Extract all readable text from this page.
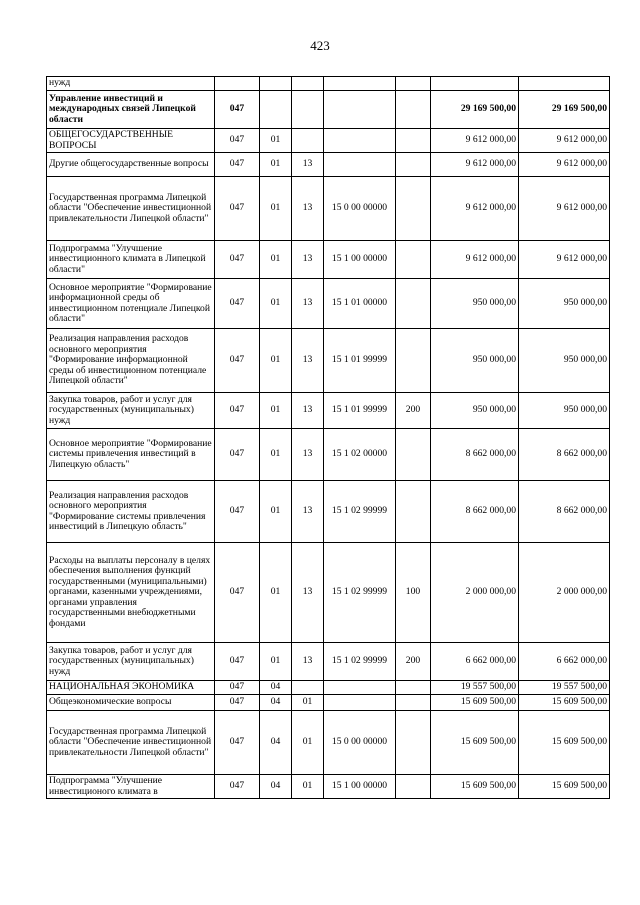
423
нужд							
Управление инвестиций и международных связей Липецкой области	047					29 169 500,00	29 169 500,00
ОБЩЕГОСУДАРСТВЕННЫЕ ВОПРОСЫ	047	01				9 612 000,00	9 612 000,00
Другие общегосударственные вопросы	047	01	13			9 612 000,00	9 612 000,00
Государственная программа Липецкой области "Обеспечение инвестиционной привлекательности Липецкой области"	047	01	13	15 0 00 00000		9 612 000,00	9 612 000,00
Подпрограмма "Улучшение инвестиционного климата в Липецкой области"	047	01	13	15 1 00 00000		9 612 000,00	9 612 000,00
Основное мероприятие "Формирование информационной среды об инвестиционном потенциале Липецкой области"	047	01	13	15 1 01 00000		950 000,00	950 000,00
Реализация направления расходов основного мероприятия "Формирование информационной среды об инвестиционном потенциале Липецкой области"	047	01	13	15 1 01 99999		950 000,00	950 000,00
Закупка товаров, работ и услуг для государственных (муниципальных) нужд	047	01	13	15 1 01 99999	200	950 000,00	950 000,00
Основное мероприятие "Формирование системы привлечения инвестиций в Липецкую область"	047	01	13	15 1 02 00000		8 662 000,00	8 662 000,00
Реализация направления расходов основного мероприятия "Формирование системы привлечения инвестиций в Липецкую область"	047	01	13	15 1 02 99999		8 662 000,00	8 662 000,00
Расходы на выплаты персоналу в целях обеспечения выполнения функций государственными (муниципальными) органами, казенными учреждениями, органами управления государственными внебюджетными фондами	047	01	13	15 1 02 99999	100	2 000 000,00	2 000 000,00
Закупка товаров, работ и услуг для государственных (муниципальных) нужд	047	01	13	15 1 02 99999	200	6 662 000,00	6 662 000,00
НАЦИОНАЛЬНАЯ ЭКОНОМИКА	047	04				19 557 500,00	19 557 500,00
Общеэкономические вопросы	047	04	01			15 609 500,00	15 609 500,00
Государственная программа Липецкой области "Обеспечение инвестиционной привлекательности Липецкой области"	047	04	01	15 0 00 00000		15 609 500,00	15 609 500,00
Подпрограмма "Улучшение инвестиционого климата в	047	04	01	15 1 00 00000		15 609 500,00	15 609 500,00
